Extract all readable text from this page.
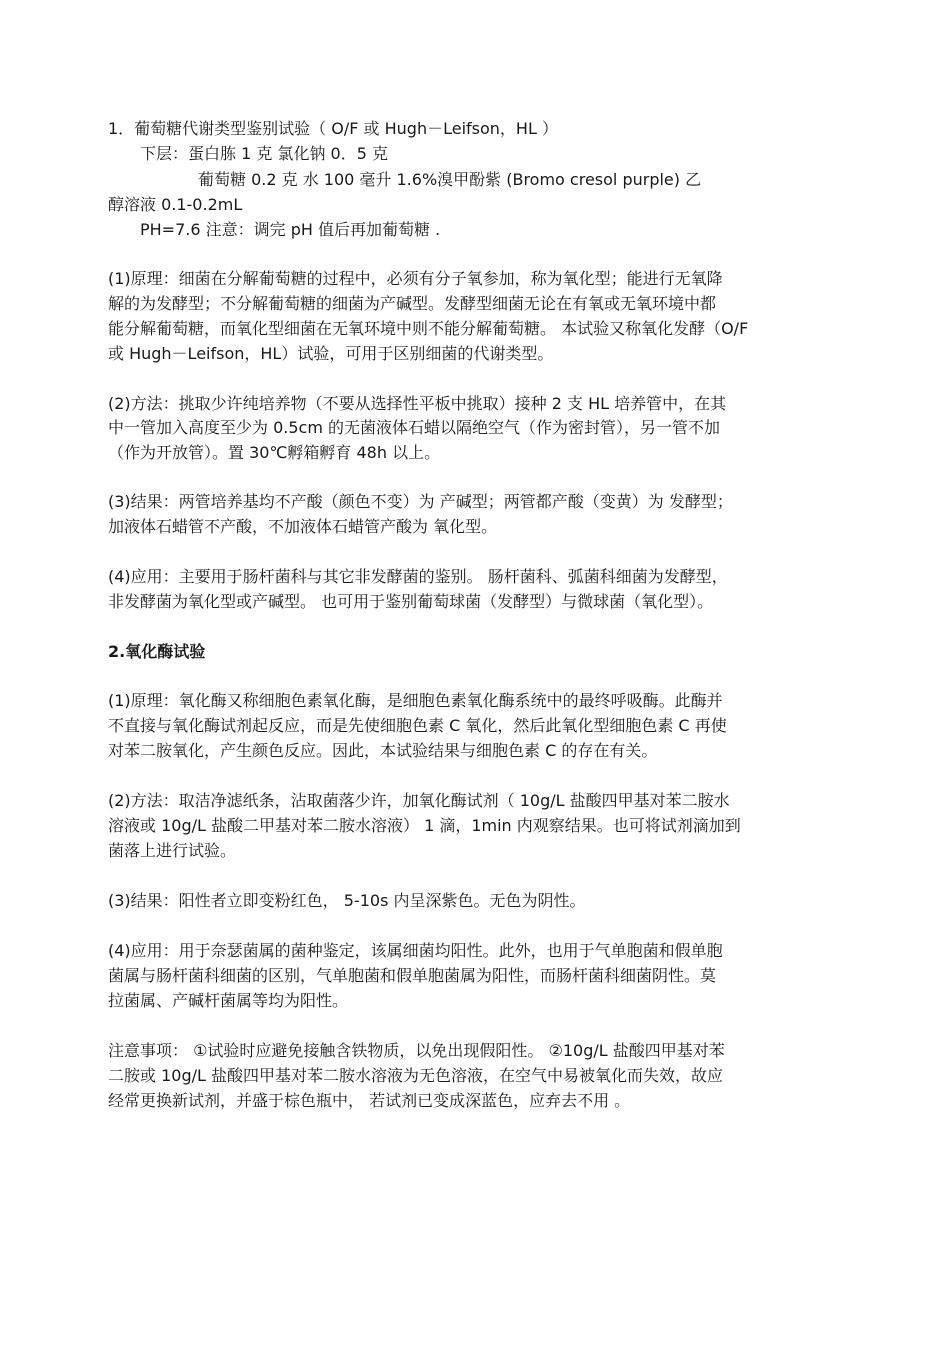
1．葡萄糖代谢类型鉴别试验（ O/F 或 Hugh－Leifson，HL ）
下层：蛋白胨 1 克 氯化钠 0．5 克
葡萄糖 0.2 克 水 100 毫升 1.6%溴甲酚紫 (Bromo cresol purple) 乙
醇溶液 0.1-0.2mL
PH=7.6 注意：调完 pH 值后再加葡萄糖 .
(1)原理：细菌在分解葡萄糖的过程中，必须有分子氧参加，称为氧化型；能进行无氧降
解的为发酵型；不分解葡萄糖的细菌为产碱型。发酵型细菌无论在有氧或无氧环境中都
能分解葡萄糖，而氧化型细菌在无氧环境中则不能分解葡萄糖。 本试验又称氧化发酵（O/F
或 Hugh－Leifson，HL）试验，可用于区别细菌的代谢类型。
(2)方法：挑取少许纯培养物（不要从选择性平板中挑取）接种 2 支 HL 培养管中，在其
中一管加入高度至少为 0.5cm 的无菌液体石蜡以隔绝空气（作为密封管），另一管不加
（作为开放管）。置 30℃孵箱孵育 48h 以上。
(3)结果：两管培养基均不产酸（颜色不变）为 产碱型；两管都产酸（变黄）为 发酵型；
加液体石蜡管不产酸，不加液体石蜡管产酸为 氧化型。
(4)应用：主要用于肠杆菌科与其它非发酵菌的鉴别。 肠杆菌科、弧菌科细菌为发酵型，
非发酵菌为氧化型或产碱型。 也可用于鉴别葡萄球菌（发酵型）与微球菌（氧化型）。
2.氧化酶试验
(1)原理：氧化酶又称细胞色素氧化酶，是细胞色素氧化酶系统中的最终呼吸酶。此酶并
不直接与氧化酶试剂起反应，而是先使细胞色素 C 氧化，然后此氧化型细胞色素 C 再使
对苯二胺氧化，产生颜色反应。因此，本试验结果与细胞色素 C 的存在有关。
(2)方法：取洁净滤纸条，沾取菌落少许，加氧化酶试剂（ 10g/L 盐酸四甲基对苯二胺水
溶液或 10g/L 盐酸二甲基对苯二胺水溶液） 1 滴，1min 内观察结果。也可将试剂滴加到
菌落上进行试验。
(3)结果：阳性者立即变粉红色， 5-10s 内呈深紫色。无色为阴性。
(4)应用：用于奈瑟菌属的菌种鉴定，该属细菌均阳性。此外，也用于气单胞菌和假单胞
菌属与肠杆菌科细菌的区别，气单胞菌和假单胞菌属为阳性，而肠杆菌科细菌阴性。莫
拉菌属、产碱杆菌属等均为阳性。
注意事项： ①试验时应避免接触含铁物质，以免出现假阳性。 ②10g/L 盐酸四甲基对苯
二胺或 10g/L 盐酸四甲基对苯二胺水溶液为无色溶液，在空气中易被氧化而失效，故应
经常更换新试剂，并盛于棕色瓶中， 若试剂已变成深蓝色，应弃去不用 。
